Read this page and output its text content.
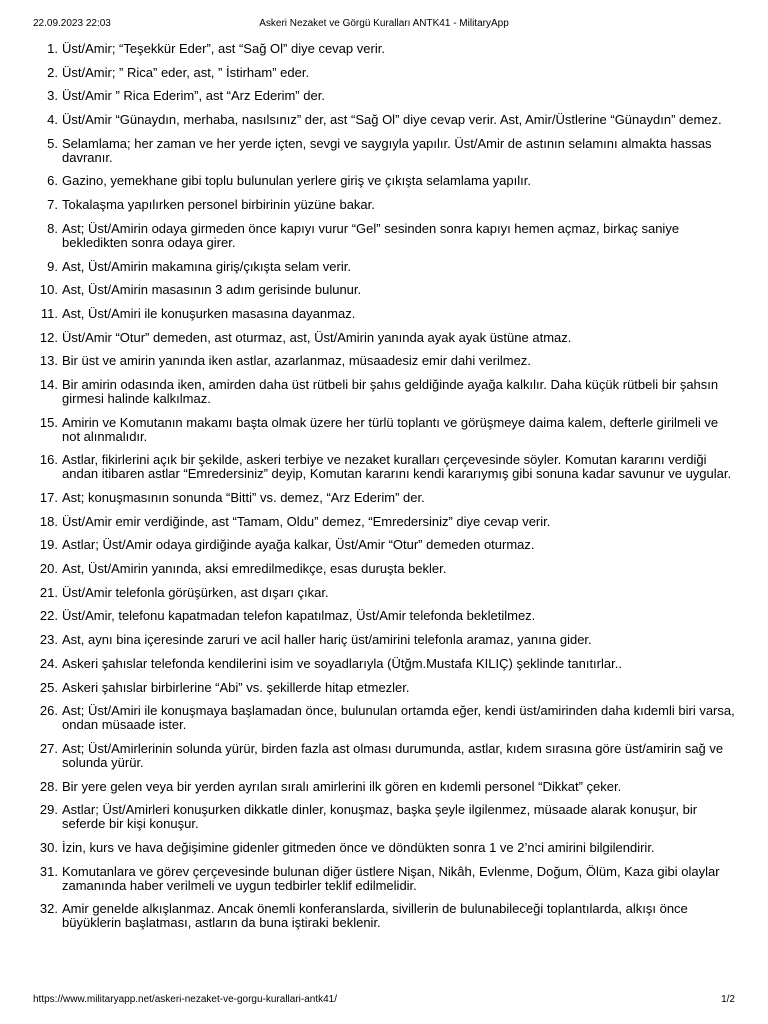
22.09.2023 22:03	Askeri Nezaket ve Görgü Kuralları ANTK41 - MilitaryApp
1. Üst/Amir; “Teşekkür Eder”, ast “Sağ Ol” diye cevap verir.
2. Üst/Amir; ” Rica” eder, ast, ” İstirham” eder.
3. Üst/Amir ” Rica Ederim”, ast “Arz Ederim” der.
4. Üst/Amir “Günaydın, merhaba, nasılsınız” der, ast “Sağ Ol” diye cevap verir. Ast, Amir/Üstlerine “Günaydın” demez.
5. Selamlama; her zaman ve her yerde içten, sevgi ve saygıyla yapılır. Üst/Amir de astının selamını almakta hassas davranır.
6. Gazino, yemekhane gibi toplu bulunulan yerlere giriş ve çıkışta selamlama yapılır.
7. Tokalaşma yapılırken personel birbirinin yüzüne bakar.
8. Ast; Üst/Amirin odaya girmeden önce kapıyı vurur “Gel” sesinden sonra kapıyı hemen açmaz, birkaç saniye bekledikten sonra odaya girer.
9. Ast, Üst/Amirin makamına giriş/çıkışta selam verir.
10. Ast, Üst/Amirin masasının 3 adım gerisinde bulunur.
11. Ast, Üst/Amiri ile konuşurken masasına dayanmaz.
12. Üst/Amir “Otur” demeden, ast oturmaz, ast, Üst/Amirin yanında ayak ayak üstüne atmaz.
13. Bir üst ve amirin yanında iken astlar, azarlanmaz, müsaadesiz emir dahi verilmez.
14. Bir amirin odasında iken, amirden daha üst rütbeli bir şahıs geldiğinde ayağa kalkılır. Daha küçük rütbeli bir şahsın girmesi halinde kalkılmaz.
15. Amirin ve Komutanın makamı başta olmak üzere her türlü toplantı ve görüşmeye daima kalem, defterle girilmeli ve not alınmalıdır.
16. Astlar, fikirlerini açık bir şekilde, askeri terbiye ve nezaket kuralları çerçevesinde söyler. Komutan kararını verdiği andan itibaren astlar “Emredersiniz” deyip, Komutan kararını kendi kararıymış gibi sonuna kadar savunur ve uygular.
17. Ast; konuşmasının sonunda “Bitti” vs. demez, “Arz Ederim” der.
18. Üst/Amir emir verdiğinde, ast “Tamam, Oldu” demez, “Emredersiniz” diye cevap verir.
19. Astlar; Üst/Amir odaya girdiğinde ayağa kalkar, Üst/Amir “Otur” demeden oturmaz.
20. Ast, Üst/Amirin yanında, aksi emredilmedikçe, esas duruşta bekler.
21. Üst/Amir telefonla görüşürken, ast dışarı çıkar.
22. Üst/Amir, telefonu kapatmadan telefon kapatılmaz, Üst/Amir telefonda bekletilmez.
23. Ast, aynı bina içeresinde zaruri ve acil haller hariç üst/amirini telefonla aramaz, yanına gider.
24. Askeri şahıslar telefonda kendilerini isim ve soyadlarıyla (Ütğm.Mustafa KILIÇ) şeklinde tanıtırlar..
25. Askeri şahıslar birbirlerine “Abi” vs. şekillerde hitap etmezler.
26. Ast; Üst/Amiri ile konuşmaya başlamadan önce, bulunulan ortamda eğer, kendi üst/amirinden daha kıdemli biri varsa, ondan müsaade ister.
27. Ast; Üst/Amirlerinin solunda yürür, birden fazla ast olması durumunda, astlar, kıdem sırasına göre üst/amirin sağ ve solunda yürür.
28. Bir yere gelen veya bir yerden ayrılan sıralı amirlerini ilk gören en kıdemli personel “Dikkat” çeker.
29. Astlar; Üst/Amirleri konuşurken dikkatle dinler, konuşmaz, başka şeyle ilgilenmez, müsaade alarak konuşur, bir seferde bir kişi konuşur.
30. İzin, kurs ve hava değişimine gidenler gitmeden önce ve döndükten sonra 1 ve 2’nci amirini bilgilendirir.
31. Komutanlara ve görev çerçevesinde bulunan diğer üstlere Nişan, Nikâh, Evlenme, Doğum, Ölüm, Kaza gibi olaylar zamanında haber verilmeli ve uygun tedbirler teklif edilmelidir.
32. Amir genelde alkışlanmaz. Ancak önemli konferanslarda, sivillerin de bulunabileceği toplantılarda, alkışı önce büyüklerin başlatması, astların da buna iştiraki beklenir.
https://www.militaryapp.net/askeri-nezaket-ve-gorgu-kurallari-antk41/	1/2
